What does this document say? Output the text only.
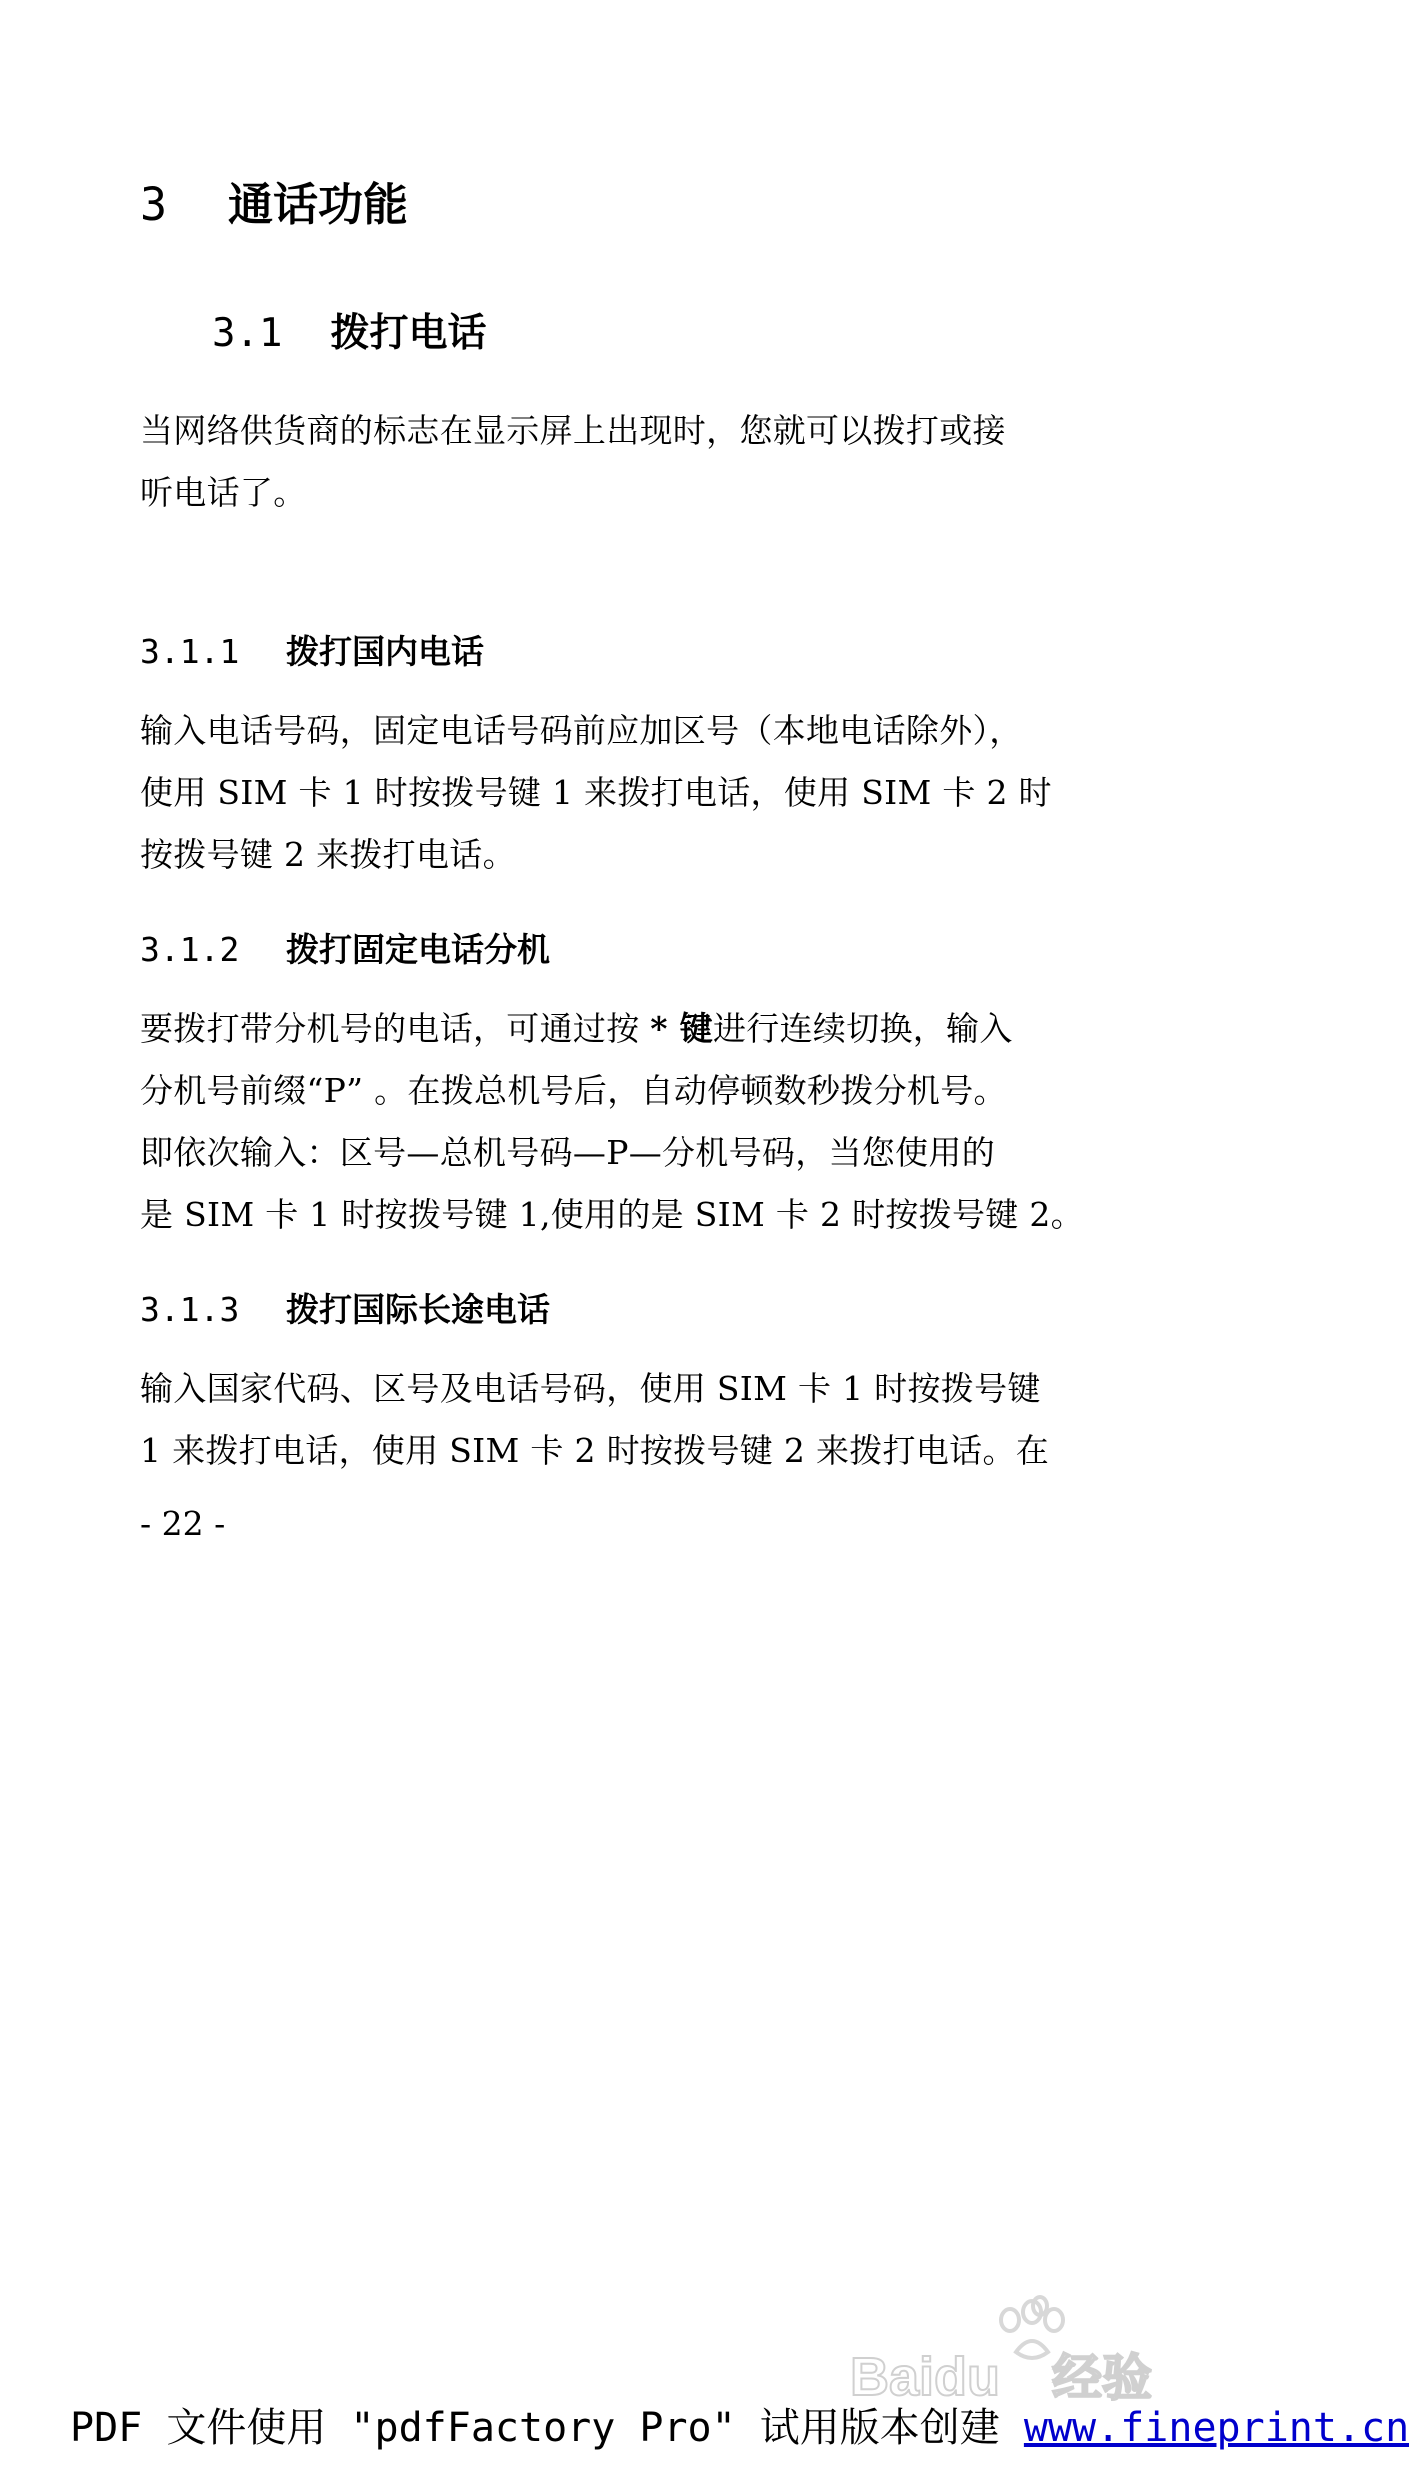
3 通话功能
3.1 拨打电话
当网络供货商的标志在显示屏上出现时，您就可以拨打或接
听电话了。
3.1.1 拨打国内电话
输入电话号码，固定电话号码前应加区号（本地电话除外），
使用 SIM 卡 1 时按拨号键 1 来拨打电话，使用 SIM 卡 2 时
按拨号键 2 来拨打电话。
3.1.2 拨打固定电话分机
要拨打带分机号的电话，可通过按 * 键进行连续切换，输入
分机号前缀“P” 。在拨总机号后，自动停顿数秒拨分机号。
即依次输入：区号—总机号码—P—分机号码，当您使用的
是 SIM 卡 1 时按拨号键 1,使用的是 SIM 卡 2 时按拨号键 2。
3.1.3 拨打国际长途电话
输入国家代码、区号及电话号码，使用 SIM 卡 1 时按拨号键
1 来拨打电话，使用 SIM 卡 2 时按拨号键 2 来拨打电话。在
- 22 -
Baidu 经验
PDF 文件使用 "pdfFactory Pro" 试用版本创建 www.fineprint.cn
